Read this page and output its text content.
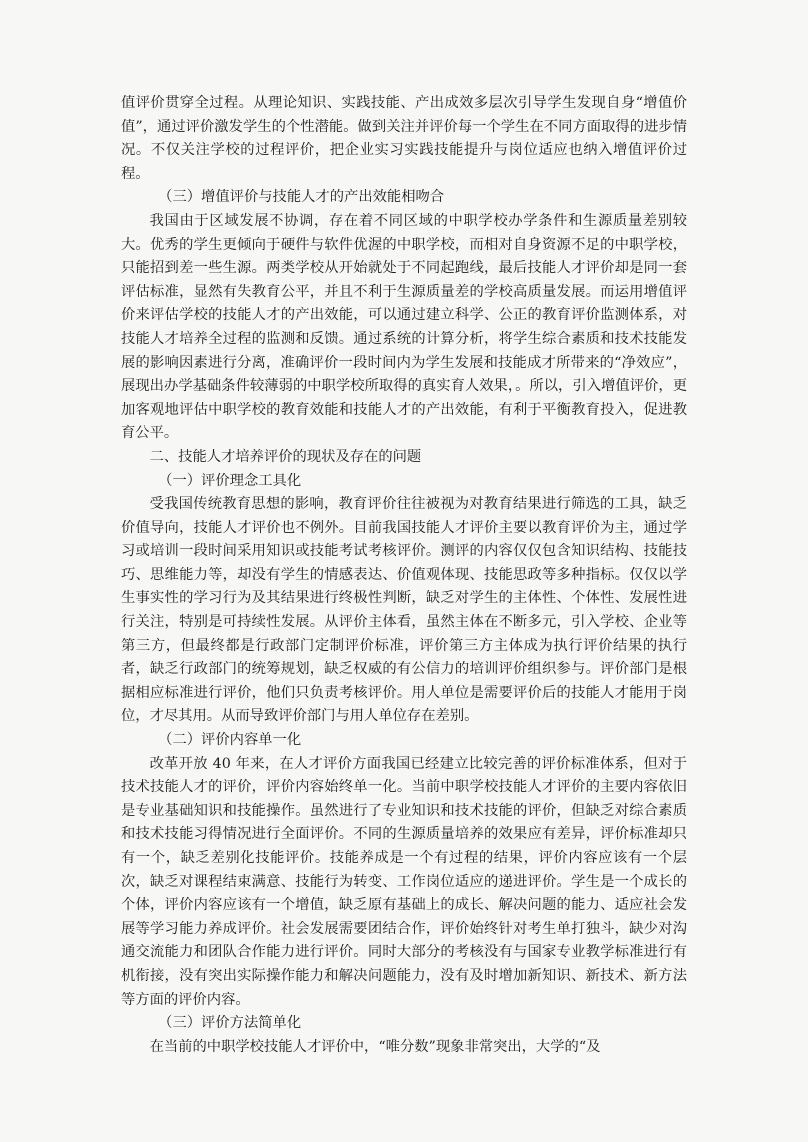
值评价贯穿全过程。从理论知识、实践技能、产出成效多层次引导学生发现自身“增值价值”，通过评价激发学生的个性潜能。做到关注并评价每一个学生在不同方面取得的进步情况。不仅关注学校的过程评价，把企业实习实践技能提升与岗位适应也纳入增值评价过程。

（三）增值评价与技能人才的产出效能相吻合

我国由于区域发展不协调，存在着不同区域的中职学校办学条件和生源质量差别较大。优秀的学生更倾向于硬件与软件优渥的中职学校，而相对自身资源不足的中职学校，只能招到差一些生源。两类学校从开始就处于不同起跑线，最后技能人才评价却是同一套评估标准，显然有失教育公平，并且不利于生源质量差的学校高质量发展。而运用增值评价来评估学校的技能人才的产出效能，可以通过建立科学、公正的教育评价监测体系，对技能人才培养全过程的监测和反馈。通过系统的计算分析，将学生综合素质和技术技能发展的影响因素进行分离，准确评价一段时间内为学生发展和技能成才所带来的“净效应”，展现出办学基础条件较薄弱的中职学校所取得的真实育人效果，。所以，引入增值评价，更加客观地评估中职学校的教育效能和技能人才的产出效能，有利于平衡教育投入，促进教育公平。

二、技能人才培养评价的现状及存在的问题

（一）评价理念工具化

受我国传统教育思想的影响，教育评价往往被视为对教育结果进行筛选的工具，缺乏价值导向，技能人才评价也不例外。目前我国技能人才评价主要以教育评价为主，通过学习或培训一段时间采用知识或技能考试考核评价。测评的内容仅仅包含知识结构、技能技巧、思维能力等，却没有学生的情感表达、价值观体现、技能思政等多种指标。仅仅以学生事实性的学习行为及其结果进行终极性判断，缺乏对学生的主体性、个体性、发展性进行关注，特别是可持续性发展。从评价主体看，虽然主体在不断多元，引入学校、企业等第三方，但最终都是行政部门定制评价标准，评价第三方主体成为执行评价结果的执行者，缺乏行政部门的统筹规划，缺乏权威的有公信力的培训评价组织参与。评价部门是根据相应标准进行评价，他们只负责考核评价。用人单位是需要评价后的技能人才能用于岗位，才尽其用。从而导致评价部门与用人单位存在差别。

（二）评价内容单一化

改革开放 40 年来，在人才评价方面我国已经建立比较完善的评价标准体系，但对于技术技能人才的评价，评价内容始终单一化。当前中职学校技能人才评价的主要内容依旧是专业基础知识和技能操作。虽然进行了专业知识和技术技能的评价，但缺乏对综合素质和技术技能习得情况进行全面评价。不同的生源质量培养的效果应有差异，评价标准却只有一个，缺乏差别化技能评价。技能养成是一个有过程的结果，评价内容应该有一个层次，缺乏对课程结束满意、技能行为转变、工作岗位适应的递进评价。学生是一个成长的个体，评价内容应该有一个增值，缺乏原有基础上的成长、解决问题的能力、适应社会发展等学习能力养成评价。社会发展需要团结合作，评价始终针对考生单打独斗，缺少对沟通交流能力和团队合作能力进行评价。同时大部分的考核没有与国家专业教学标准进行有机衔接，没有突出实际操作能力和解决问题能力，没有及时增加新知识、新技术、新方法等方面的评价内容。

（三）评价方法简单化

在当前的中职学校技能人才评价中，“唯分数”现象非常突出，大学的“及
